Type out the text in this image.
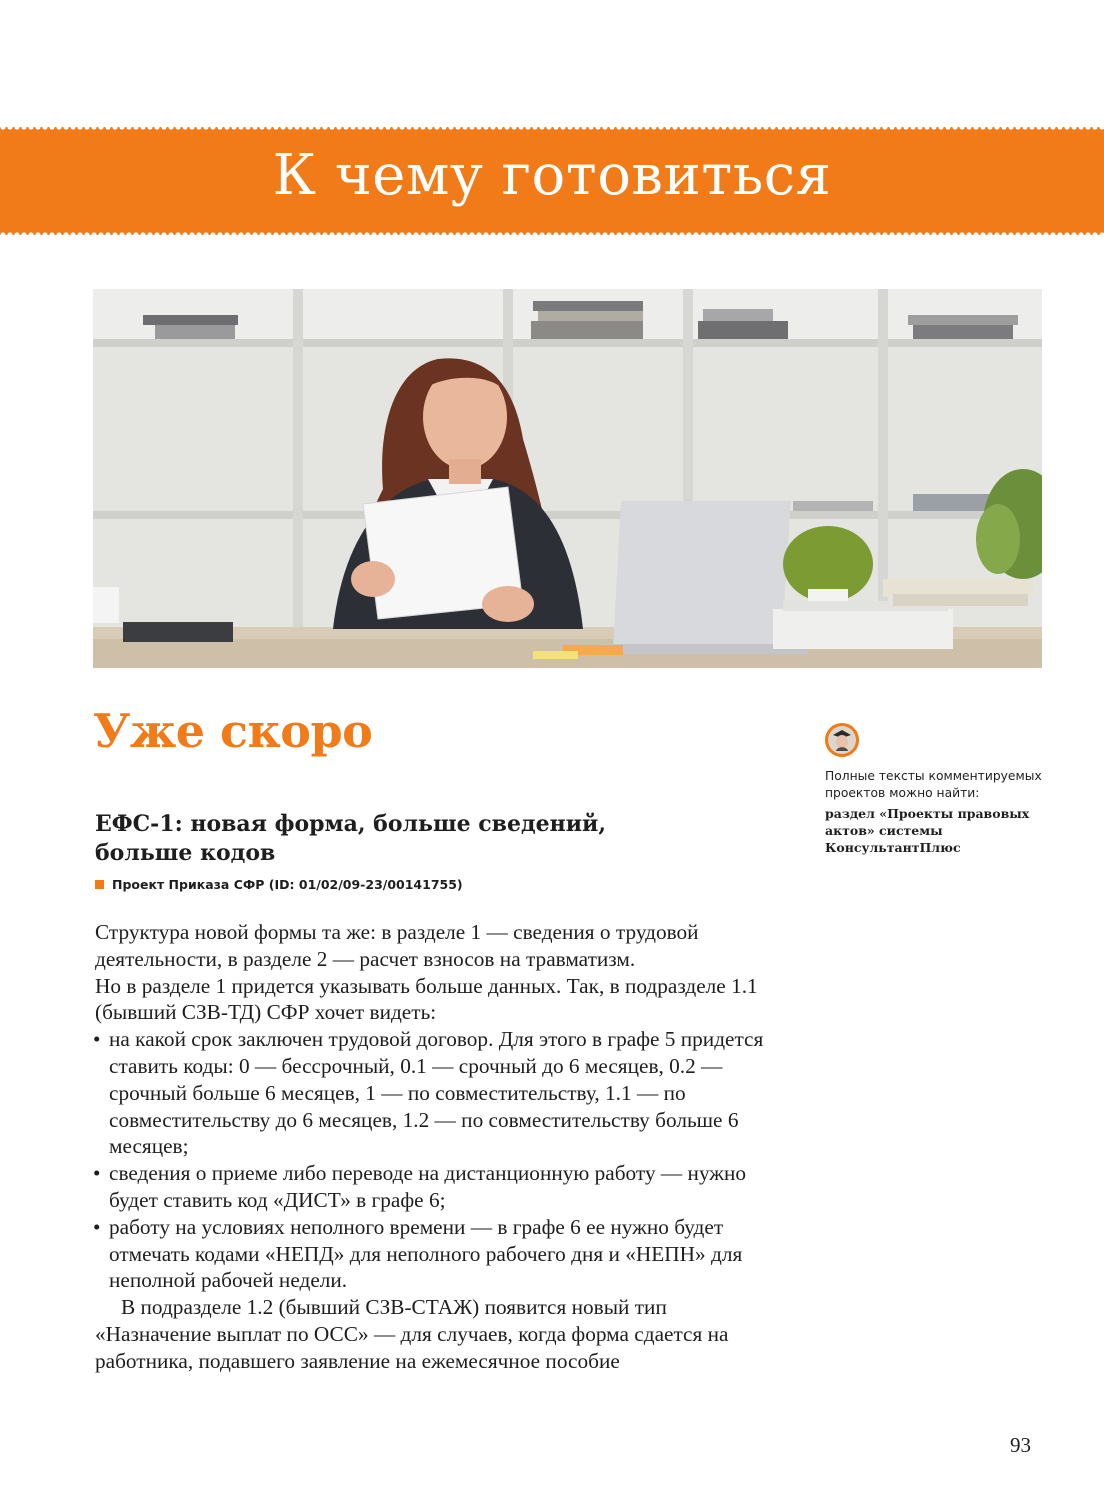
К чему готовиться
Уже скоро
ЕФС-1: новая форма, больше сведений, больше кодов
Проект Приказа СФР (ID: 01/02/09-23/00141755)

Структура новой формы та же: в разделе 1 — сведения о трудовой деятельности, в разделе 2 — расчет взносов на травматизм.

Но в разделе 1 придется указывать больше данных. Так, в подразделе 1.1 (бывший СЗВ-ТД) СФР хочет видеть:

• на какой срок заключен трудовой договор. Для этого в графе 5 придется ставить коды: 0 — бессрочный, 0.1 — срочный до 6 месяцев, 0.2 — срочный больше 6 месяцев, 1 — по совместительству, 1.1 — по совместительству до 6 месяцев, 1.2 — по совместительству больше 6 месяцев;
• сведения о приеме либо переводе на дистанционную работу — нужно будет ставить код «ДИСТ» в графе 6;
• работу на условиях неполного времени — в графе 6 ее нужно будет отмечать кодами «НЕПД» для неполного рабочего дня и «НЕПН» для неполной рабочей недели.

В подразделе 1.2 (бывший СЗВ-СТАЖ) появится новый тип «Назначение выплат по ОСС» — для случаев, когда форма сдается на работника, подавшего заявление на ежемесячное пособие

Полные тексты комментируемых проектов можно найти:

раздел «Проекты правовых актов» системы КонсультантПлюс

93
